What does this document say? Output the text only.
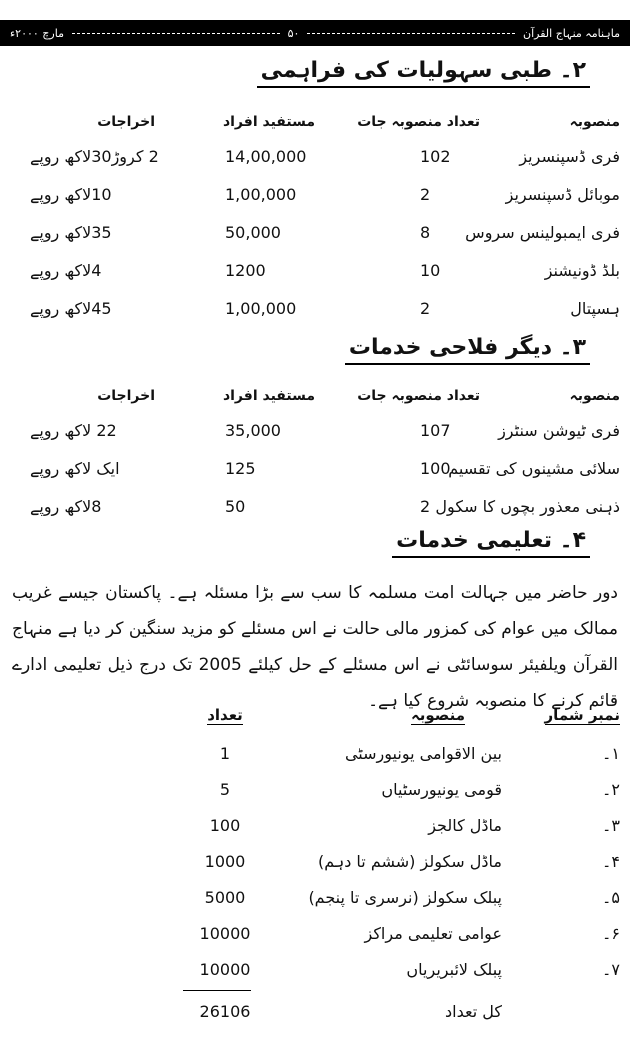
ماہنامہ منہاج القرآن
۵۰
مارچ ۲۰۰۰ء
۲۔ طبی سہولیات کی فراہمی
منصوبہ
تعداد منصوبہ جات
مستفید افراد
اخراجات
فری ڈسپنسریز
102
14,00,000
2 کروڑ30لاکھ روپے
موبائل ڈسپنسریز
2
1,00,000
10لاکھ روپے
فری ایمبولینس سروس
8
50,000
35لاکھ روپے
بلڈ ڈونیشنز
10
1200
4لاکھ روپے
ہسپتال
2
1,00,000
45لاکھ روپے
۳۔ دیگر فلاحی خدمات
منصوبہ
تعداد منصوبہ جات
مستفید افراد
اخراجات
فری ٹیوشن سنٹرز
107
35,000
22 لاکھ روپے
سلائی مشینوں کی تقسیم
100
125
ایک لاکھ روپے
ذہنی معذور بچوں کا سکول
2
50
8لاکھ روپے
۴۔ تعلیمی خدمات

دور حاضر میں جہالت امت مسلمہ کا سب سے بڑا مسئلہ ہے۔ پاکستان جیسے غریب ممالک میں عوام کی کمزور مالی حالت نے اس مسئلے کو مزید سنگین کر دیا ہے منہاج القرآن ویلفیئر سوسائٹی نے اس مسئلے کے حل کیلئے 2005 تک درج ذیل تعلیمی ادارے قائم کرنے کا منصوبہ شروع کیا ہے۔

نمبر شمار
منصوبہ
تعداد
۱۔
بین الاقوامی یونیورسٹی
1
۲۔
قومی یونیورسٹیاں
5
۳۔
ماڈل کالجز
100
۴۔
ماڈل سکولز (ششم تا دہم)
1000
۵۔
پبلک سکولز (نرسری تا پنجم)
5000
۶۔
عوامی تعلیمی مراکز
10000
۷۔
پبلک لائبریریاں
10000
کل تعداد
26106
